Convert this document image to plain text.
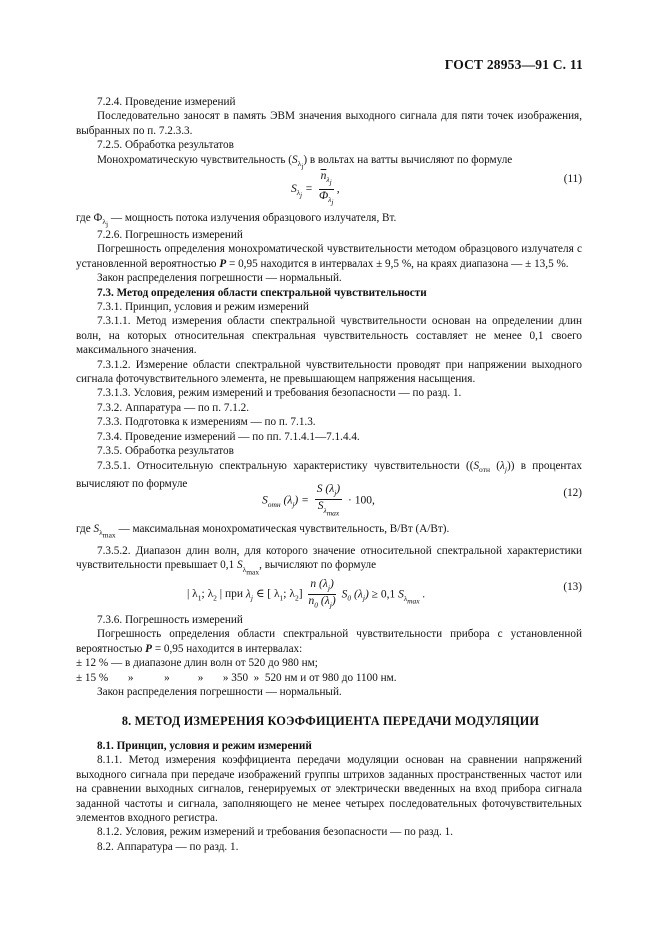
ГОСТ 28953—91 С. 11

7.2.4. Проведение измерений

Последовательно заносят в память ЭВМ значения выходного сигнала для пяти точек изображения, выбранных по п. 7.2.3.3.

7.2.5. Обработка результатов

Монохроматическую чувствительность $(S_{\lambda_j})$ в вольтах на ватты вычисляют по формуле

$S_{\lambda_j} = \frac{\overline{n}_{\lambda_j}}{Ф_{\lambda_j}}$ ,
(11)

где $Ф_{\lambda_j}$ — мощность потока излучения образцового излучателя, Вт.

7.2.6. Погрешность измерений

Погрешность определения монохроматической чувствительности методом образцового излучателя с установленной вероятностью P = 0,95 находится в интервалах ± 9,5 %, на краях диапазона — ± 13,5 %.

Закон распределения погрешности — нормальный.

7.3. Метод определения области спектральной чувствительности

7.3.1. Принцип, условия и режим измерений

7.3.1.1. Метод измерения области спектральной чувствительности основан на определении длин волн, на которых относительная спектральная чувствительность составляет не менее 0,1 своего максимального значения.

7.3.1.2. Измерение области спектральной чувствительности проводят при напряжении выходного сигнала фоточувствительного элемента, не превышающем напряжения насыщения.

7.3.1.3. Условия, режим измерений и требования безопасности — по разд. 1.

7.3.2. Аппаратура — по п. 7.1.2.

7.3.3. Подготовка к измерениям — по п. 7.1.3.

7.3.4. Проведение измерений — по пп. 7.1.4.1—7.1.4.4.

7.3.5. Обработка результатов

7.3.5.1. Относительную спектральную характеристику чувствительности (($S_{отн}$ $(\lambda_j)$) в процентах вычисляют по формуле

$S_{отн}$ $(\lambda_j) = \frac{S (\lambda_j)}{S_{\lambda_{max}}} \cdot 100$,
(12)

где $S_{\lambda_{max}}$ — максимальная монохроматическая чувствительность, В/Вт (А/Вт).

7.3.5.2. Диапазон длин волн, для которого значение относительной спектральной характеристики чувствительности превышает 0,1 $S_{\lambda_{max}}$, вычисляют по формуле

| $\lambda_1$; $\lambda_2$ | при $\lambda_j$ ∈ [ $\lambda_1$; $\lambda_2] \frac{n (\lambda_j)}{n_0 (\lambda_j)} S_0$ $(\lambda_j) \ge 0,1$ $S_{\lambda_{max}}$ .
(13)

7.3.6. Погрешность измерений

Погрешность определения области спектральной чувствительности прибора с установленной вероятностью P = 0,95 находится в интервалах:

± 12 % — в диапазоне длин волн от 520 до 980 нм;

± 15 %       »           »          »       » 350  »  520 нм и от 980 до 1100 нм.

Закон распределения погрешности — нормальный.

8. МЕТОД ИЗМЕРЕНИЯ КОЭФФИЦИЕНТА ПЕРЕДАЧИ МОДУЛЯЦИИ

8.1. Принцип, условия и режим измерений

8.1.1. Метод измерения коэффициента передачи модуляции основан на сравнении напряжений выходного сигнала при передаче изображений группы штрихов заданных пространственных частот или на сравнении выходных сигналов, генерируемых от электрически введенных на вход прибора сигнала заданной частоты и сигнала, заполняющего не менее четырех последовательных фоточувствительных элементов входного регистра.

8.1.2. Условия, режим измерений и требования безопасности — по разд. 1.

8.2. Аппаратура — по разд. 1.
